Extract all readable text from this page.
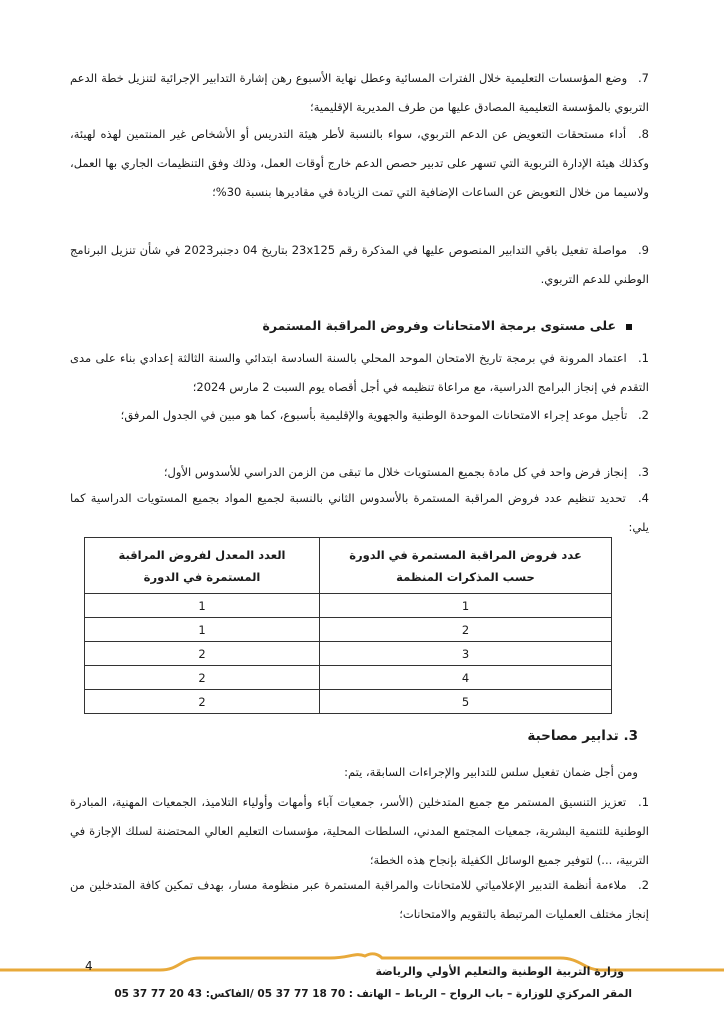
7. وضع المؤسسات التعليمية خلال الفترات المسائية وعطل نهاية الأسبوع رهن إشارة التدابير الإجرائية لتنزيل خطة الدعم التربوي بالمؤسسة التعليمية المصادق عليها من طرف المديرية الإقليمية؛

8. أداء مستحقات التعويض عن الدعم التربوي، سواء بالنسبة لأطر هيئة التدريس أو الأشخاص غير المنتمين لهذه لهيئة، وكذلك هيئة الإدارة التربوية التي تسهر على تدبير حصص الدعم خارج أوقات العمل، وذلك وفق التنظيمات الجاري بها العمل، ولاسيما من خلال التعويض عن الساعات الإضافية التي تمت الزيادة في مقاديرها بنسبة 30%؛

9. مواصلة تفعيل باقي التدابير المنصوص عليها في المذكرة رقم 23x125 بتاريخ 04 دجنبر2023 في شأن تنزيل البرنامج الوطني للدعم التربوي.

على مستوى برمجة الامتحانات وفروض المراقبة المستمرة

1. اعتماد المرونة في برمجة تاريخ الامتحان الموحد المحلي بالسنة السادسة ابتدائي والسنة الثالثة إعدادي بناء على مدى التقدم في إنجاز البرامج الدراسية، مع مراعاة تنظيمه في أجل أقصاه يوم السبت 2 مارس 2024؛

2. تأجيل موعد إجراء الامتحانات الموحدة الوطنية والجهوية والإقليمية بأسبوع، كما هو مبين في الجدول المرفق؛

3. إنجاز فرض واحد في كل مادة بجميع المستويات خلال ما تبقى من الزمن الدراسي للأسدوس الأول؛

4. تحديد تنظيم عدد فروض المراقبة المستمرة بالأسدوس الثاني بالنسبة لجميع المواد بجميع المستويات الدراسية كما يلي:

عدد فروض المراقبة المستمرة في الدورة حسب المذكرات المنظمة	العدد المعدل لفروض المراقبة المستمرة في الدورة
1	1
2	1
3	2
4	2
5	2
3. تدابير مصاحبة

ومن أجل ضمان تفعيل سلس للتدابير والإجراءات السابقة، يتم:

1. تعزيز التنسيق المستمر مع جميع المتدخلين (الأسر، جمعيات آباء وأمهات وأولياء التلاميذ، الجمعيات المهنية، المبادرة الوطنية للتنمية البشرية، جمعيات المجتمع المدني، السلطات المحلية، مؤسسات التعليم العالي المحتضنة لسلك الإجازة في التربية، ...) لتوفير جميع الوسائل الكفيلة بإنجاح هذه الخطة؛

2. ملاءمة أنظمة التدبير الإعلامياتي للامتحانات والمراقبة المستمرة عبر منظومة مسار، بهدف تمكين كافة المتدخلين من إنجاز مختلف العمليات المرتبطة بالتقويم والامتحانات؛

4	وزارة التربية الوطنية والتعليم الأولي والرياضة
المقر المركزي للوزارة – باب الرواح – الرباط – الهاتف : 70 18 77 37 05 /الفاكس: 43 20 77 37 05
